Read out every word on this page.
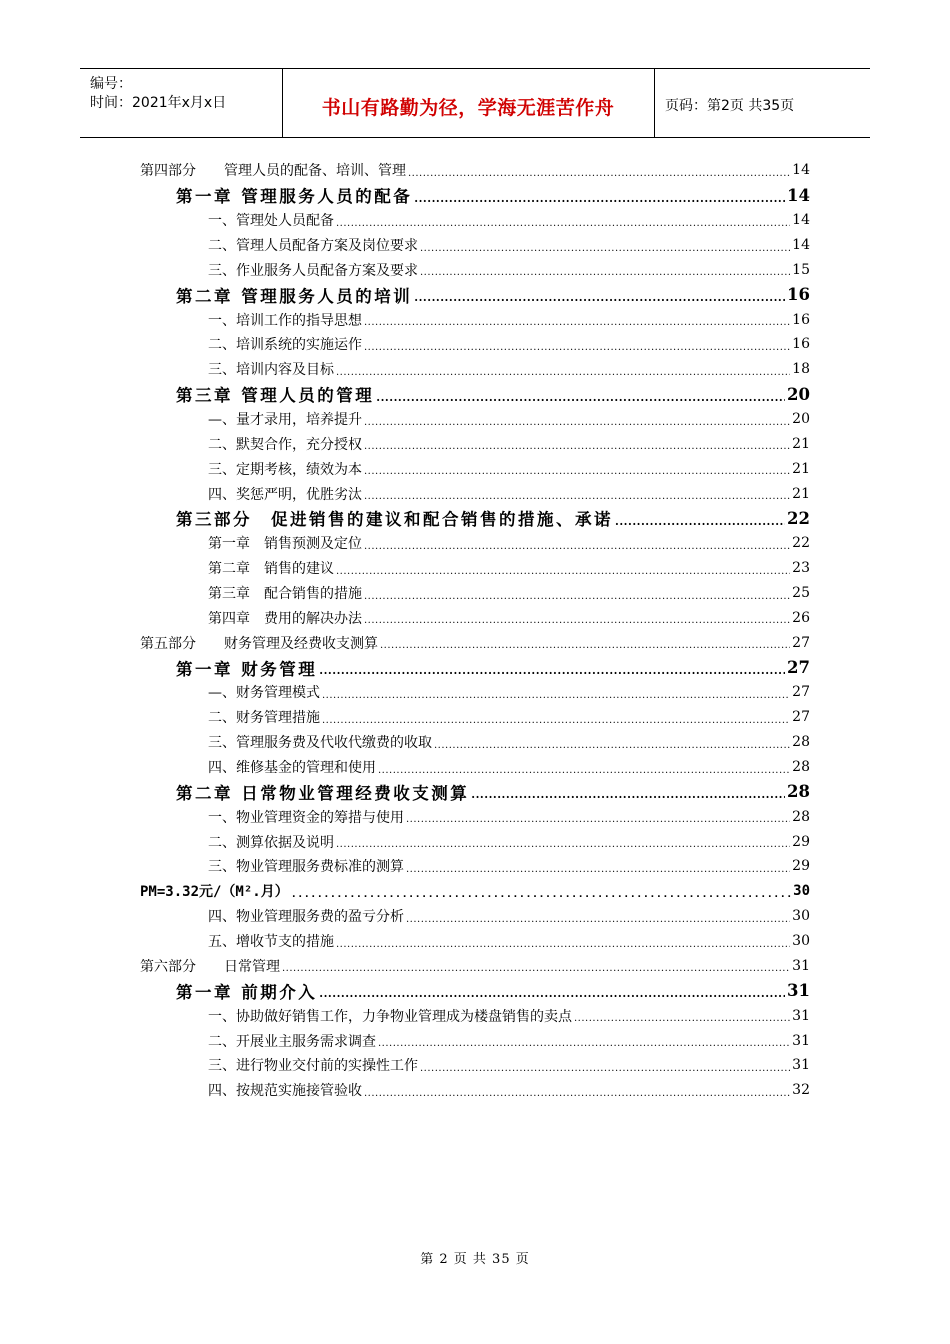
编号：
时间：2021年x月x日	书山有路勤为径，学海无涯苦作舟	页码：第2页 共35页
第四部分　　管理人员的配备、培训、管理 .....	14
第一章 管理服务人员的配备 .....	14
一、管理处人员配备 .....	14
二、管理人员配备方案及岗位要求 .....	14
三、作业服务人员配备方案及要求 .....	15
第二章 管理服务人员的培训 .....	16
一、培训工作的指导思想 .....	16
二、培训系统的实施运作 .....	16
三、培训内容及目标 .....	18
第三章 管理人员的管理 .....	20
—、量才录用，培养提升 .....	20
二、默契合作，充分授权 .....	21
三、定期考核，绩效为本 .....	21
四、奖惩严明，优胜劣汰 .....	21
第三部分　促进销售的建议和配合销售的措施、承诺 .....	22
第一章　销售预测及定位 .....	22
第二章　销售的建议 .....	23
第三章　配合销售的措施 .....	25
第四章　费用的解决办法 .....	26
第五部分　　财务管理及经费收支测算 .....	27
第一章 财务管理 .....	27
—、财务管理模式 .....	27
二、财务管理措施 .....	27
三、管理服务费及代收代缴费的收取 .....	28
四、维修基金的管理和使用 .....	28
第二章 日常物业管理经费收支测算 .....	28
一、物业管理资金的筹措与使用 .....	28
二、测算依据及说明 .....	29
三、物业管理服务费标准的测算 .....	29
PM=3.32元/（M².月） .....	30
四、物业管理服务费的盈亏分析 .....	30
五、增收节支的措施 .....	30
第六部分　　日常管理 .....	31
第一章 前期介入 .....	31
一、协助做好销售工作，力争物业管理成为楼盘销售的卖点 .....	31
二、开展业主服务需求调查 .....	31
三、进行物业交付前的实操性工作 .....	31
四、按规范实施接管验收 .....	32
第 2 页 共 35 页
